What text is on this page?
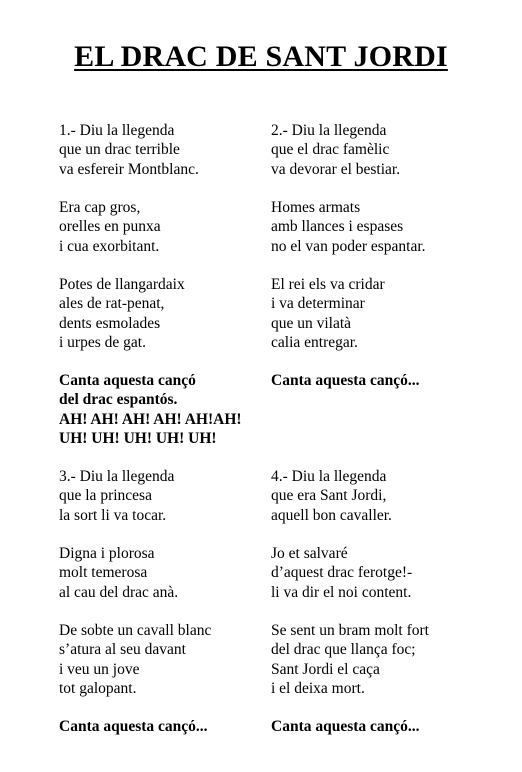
EL DRAC DE SANT JORDI
1.- Diu la llegenda
que un drac terrible
va esfereir Montblanc.
Era cap gros,
orelles en punxa
i cua exorbitant.
Potes de llangardaix
ales de rat-penat,
dents esmolades
i urpes de gat.
Canta aquesta cançó
del drac espantós.
AH! AH! AH! AH! AH!AH!
UH! UH! UH! UH! UH!
2.- Diu la llegenda
que el drac famèlic
va devorar el bestiar.
Homes armats
amb llances i espases
no el van poder espantar.
El rei els va cridar
i va determinar
que un vilatà
calia entregar.
Canta aquesta cançó...
3.- Diu la llegenda
que la princesa
la sort li va tocar.
Digna i plorosa
molt temerosa
al cau del drac anà.
De sobte un cavall blanc
s’atura al seu davant
i veu un jove
tot galopant.
Canta aquesta cançó...
4.- Diu la llegenda
que era Sant Jordi,
aquell bon cavaller.
Jo et salvaré
d’aquest drac ferotge!-
li va dir el noi content.
Se sent un bram molt fort
del drac que llança foc;
Sant Jordi el caça
i el deixa mort.
Canta aquesta cançó...
